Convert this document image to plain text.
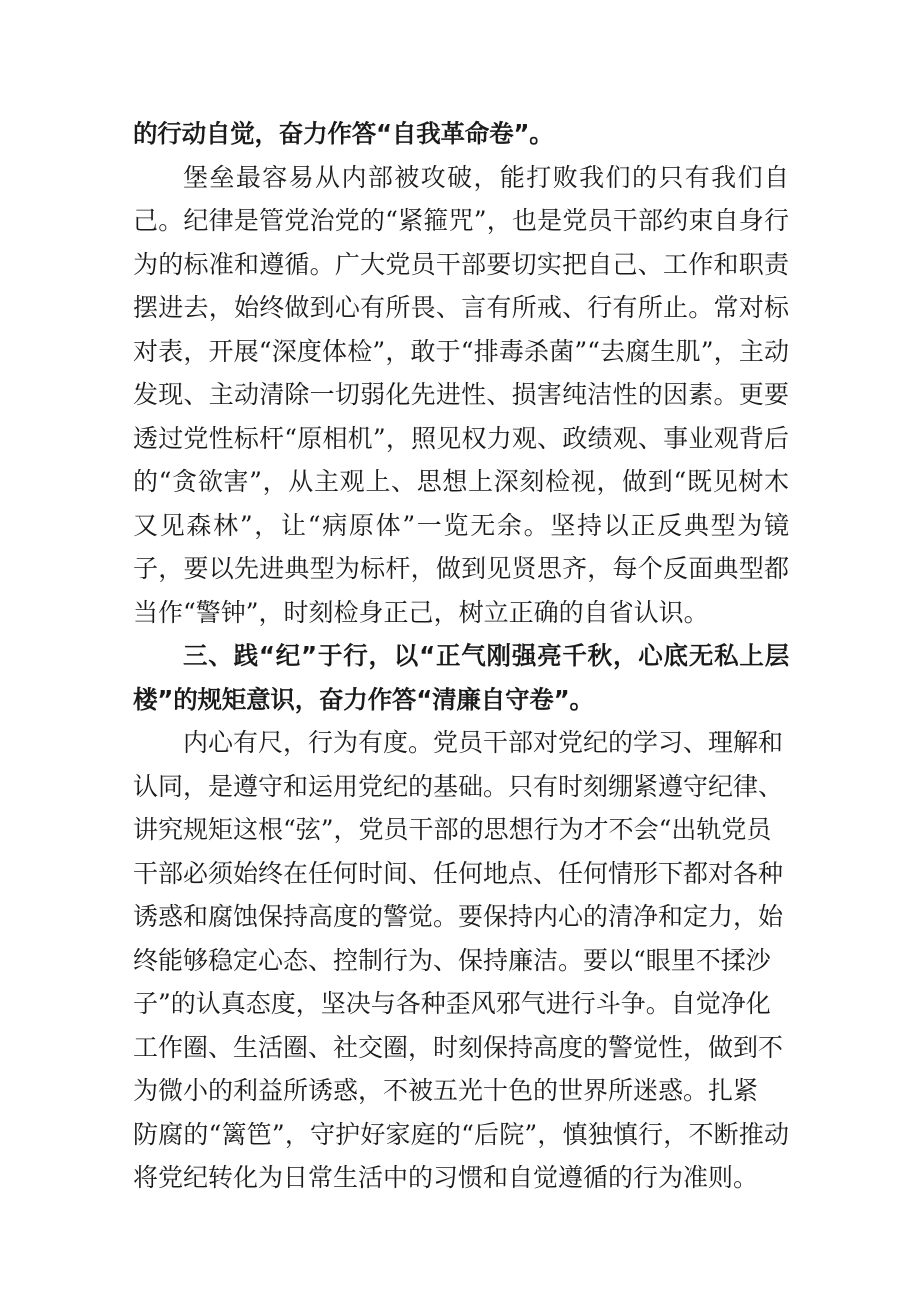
的行动自觉，奋力作答“自我革命卷”。

堡垒最容易从内部被攻破，能打败我们的只有我们自己。纪律是管党治党的“紧箍咒”，也是党员干部约束自身行为的标准和遵循。广大党员干部要切实把自己、工作和职责摆进去，始终做到心有所畏、言有所戒、行有所止。常对标对表，开展“深度体检”，敢于“排毒杀菌”“去腐生肌”，主动发现、主动清除一切弱化先进性、损害纯洁性的因素。更要透过党性标杆“原相机”，照见权力观、政绩观、事业观背后的“贪欲害”，从主观上、思想上深刻检视，做到“既见树木又见森林”，让“病原体”一览无余。坚持以正反典型为镜子，要以先进典型为标杆，做到见贤思齐，每个反面典型都当作“警钟”，时刻检身正己，树立正确的自省认识。

三、践“纪”于行，以“正气刚强亮千秋，心底无私上层楼”的规矩意识，奋力作答“清廉自守卷”。

内心有尺，行为有度。党员干部对党纪的学习、理解和认同，是遵守和运用党纪的基础。只有时刻绷紧遵守纪律、讲究规矩这根“弦”，党员干部的思想行为才不会“出轨党员干部必须始终在任何时间、任何地点、任何情形下都对各种诱惑和腐蚀保持高度的警觉。要保持内心的清净和定力，始终能够稳定心态、控制行为、保持廉洁。要以“眼里不揉沙子”的认真态度，坚决与各种歪风邪气进行斗争。自觉净化工作圈、生活圈、社交圈，时刻保持高度的警觉性，做到不为微小的利益所诱惑，不被五光十色的世界所迷惑。扎紧

防腐的“篱笆”，守护好家庭的“后院”，慎独慎行，不断推动将党纪转化为日常生活中的习惯和自觉遵循的行为准则。
